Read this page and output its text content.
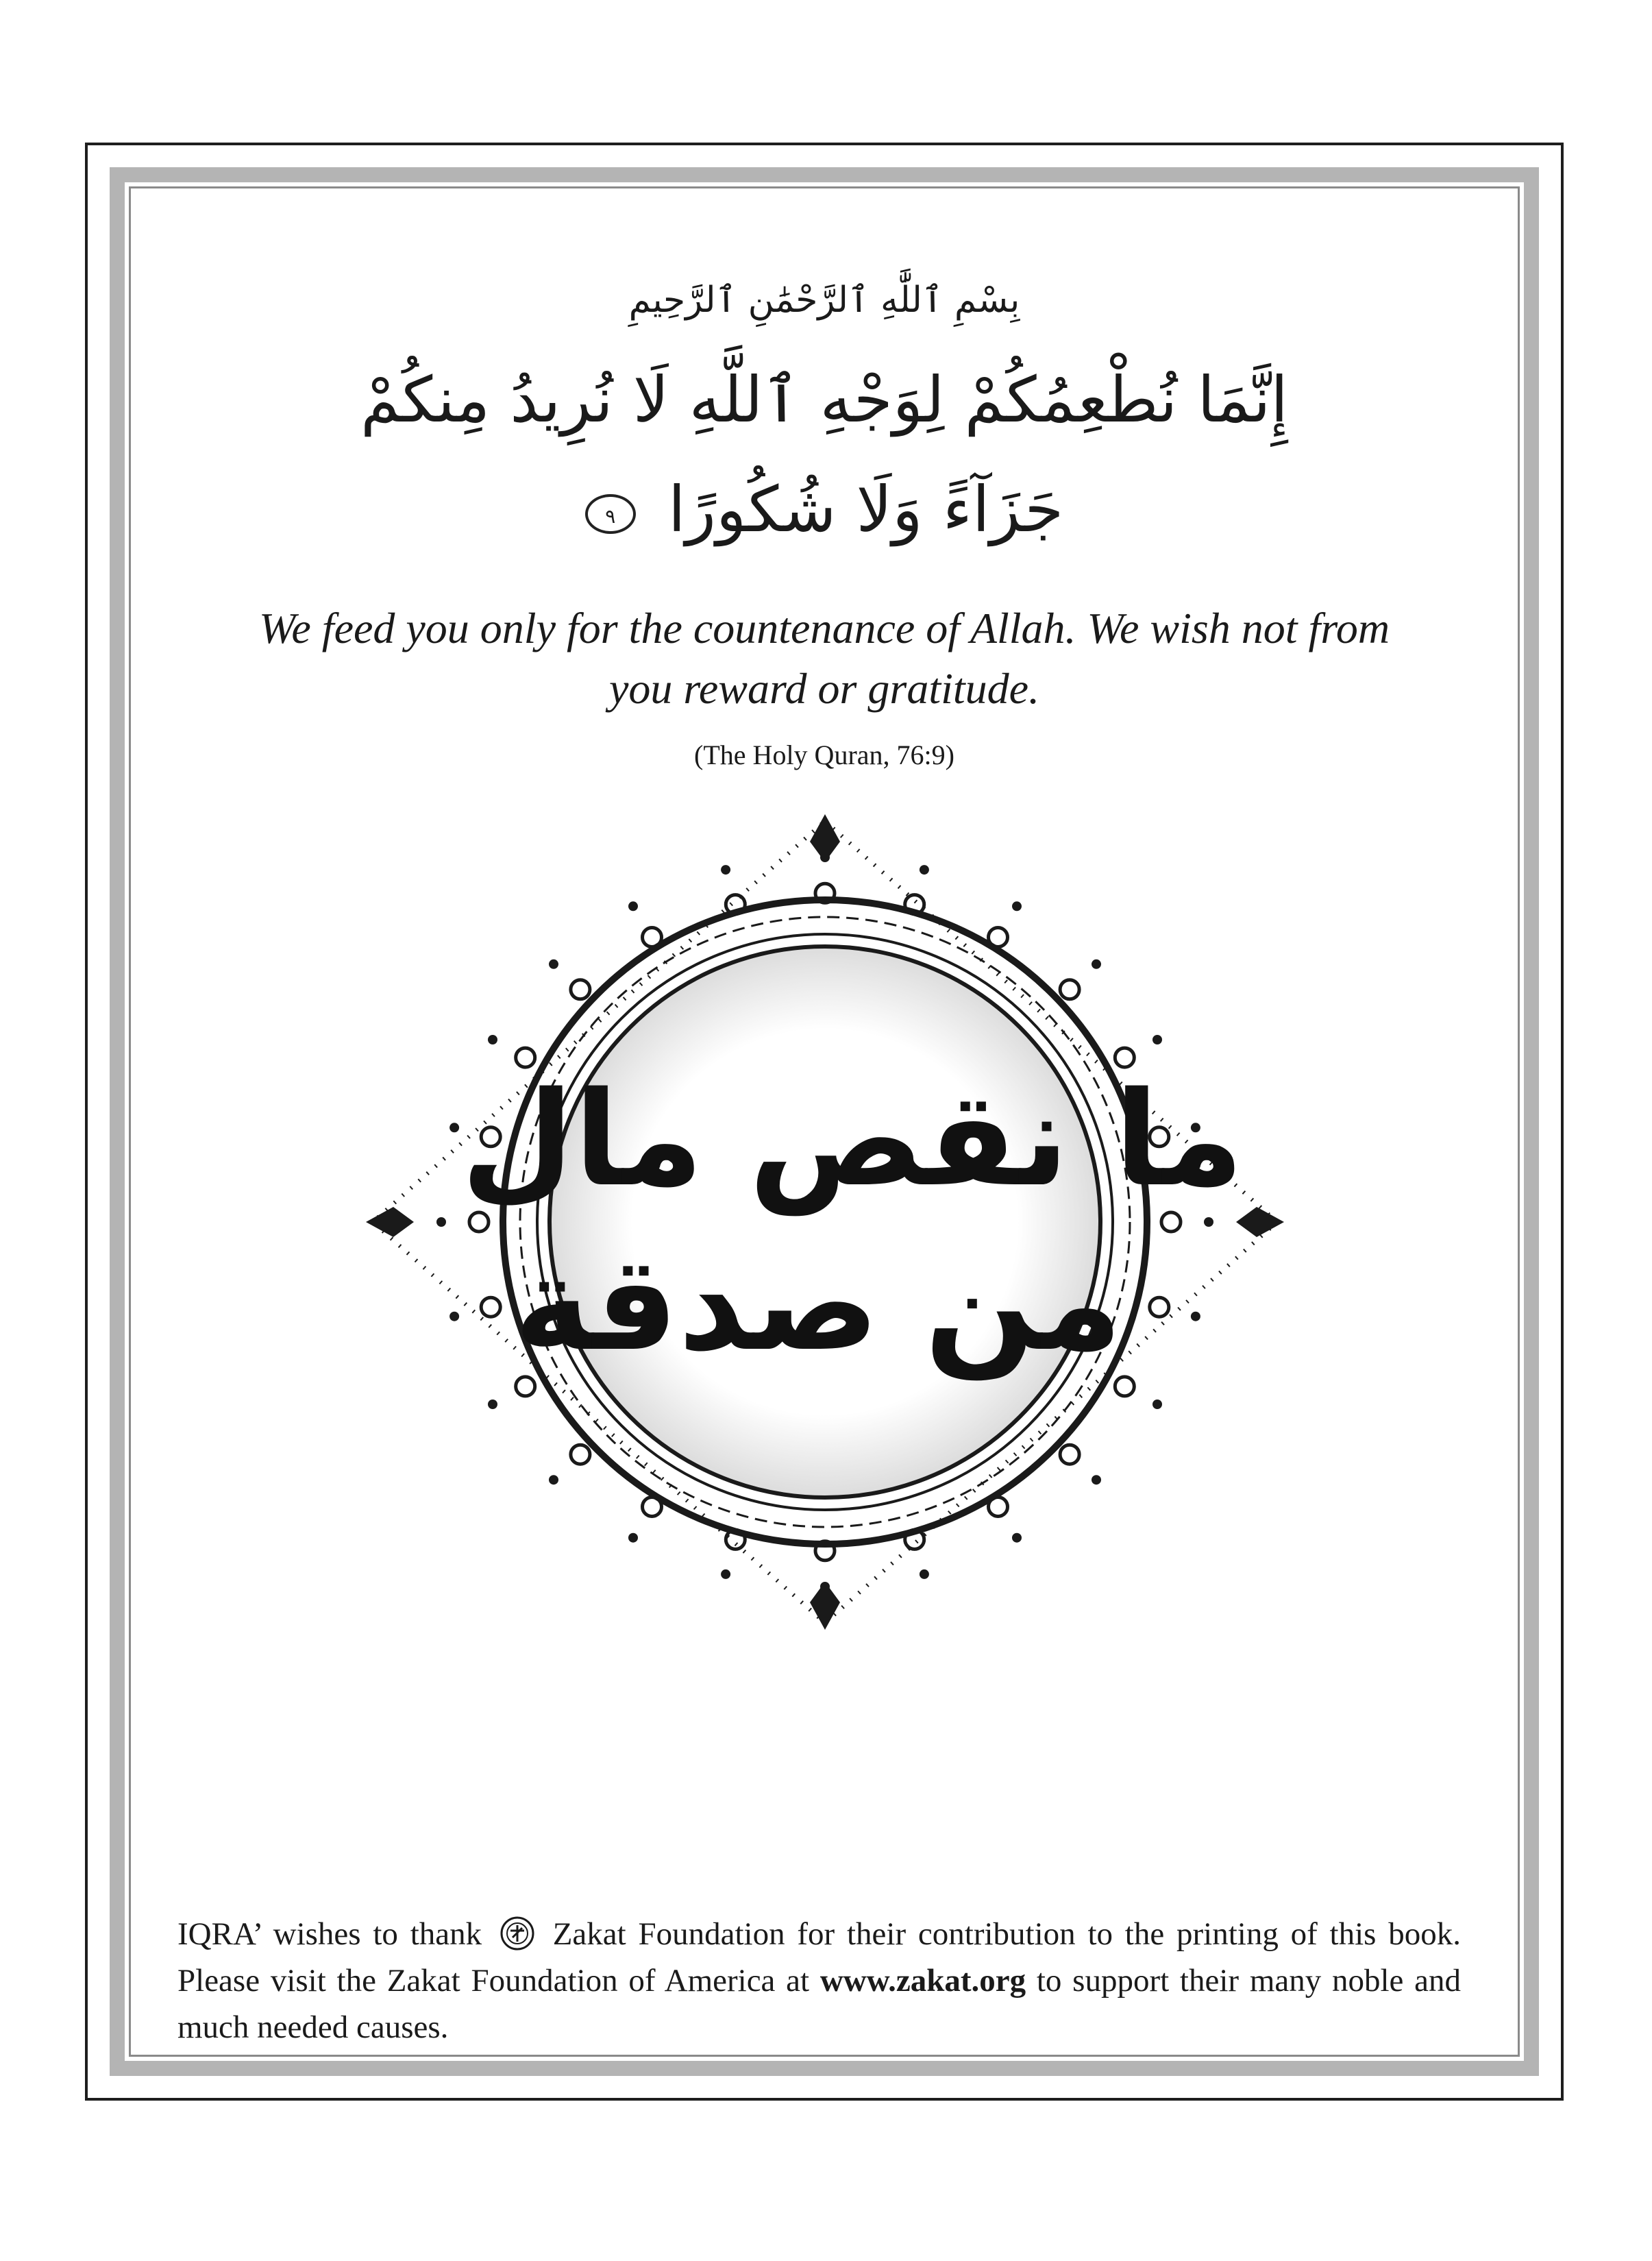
بِسْمِ ٱللَّٰهِ ٱلرَّحْمَٰنِ ٱلرَّحِيمِ
إِنَّمَا نُطْعِمُكُمْ لِوَجْهِ ٱللَّهِ لَا نُرِيدُ مِنكُمْ
جَزَآءً وَلَا شُكُورًا ٩
We feed you only for the countenance of Allah. We wish not from you reward or gratitude.
(The Holy Quran, 76:9)
ما نقص مال
من صدقة
IQRA’ wishes to thank Zakat Foundation for their contribution to the printing of this book. Please visit the Zakat Foundation of America at www.zakat.org to support their many noble and much needed causes.
